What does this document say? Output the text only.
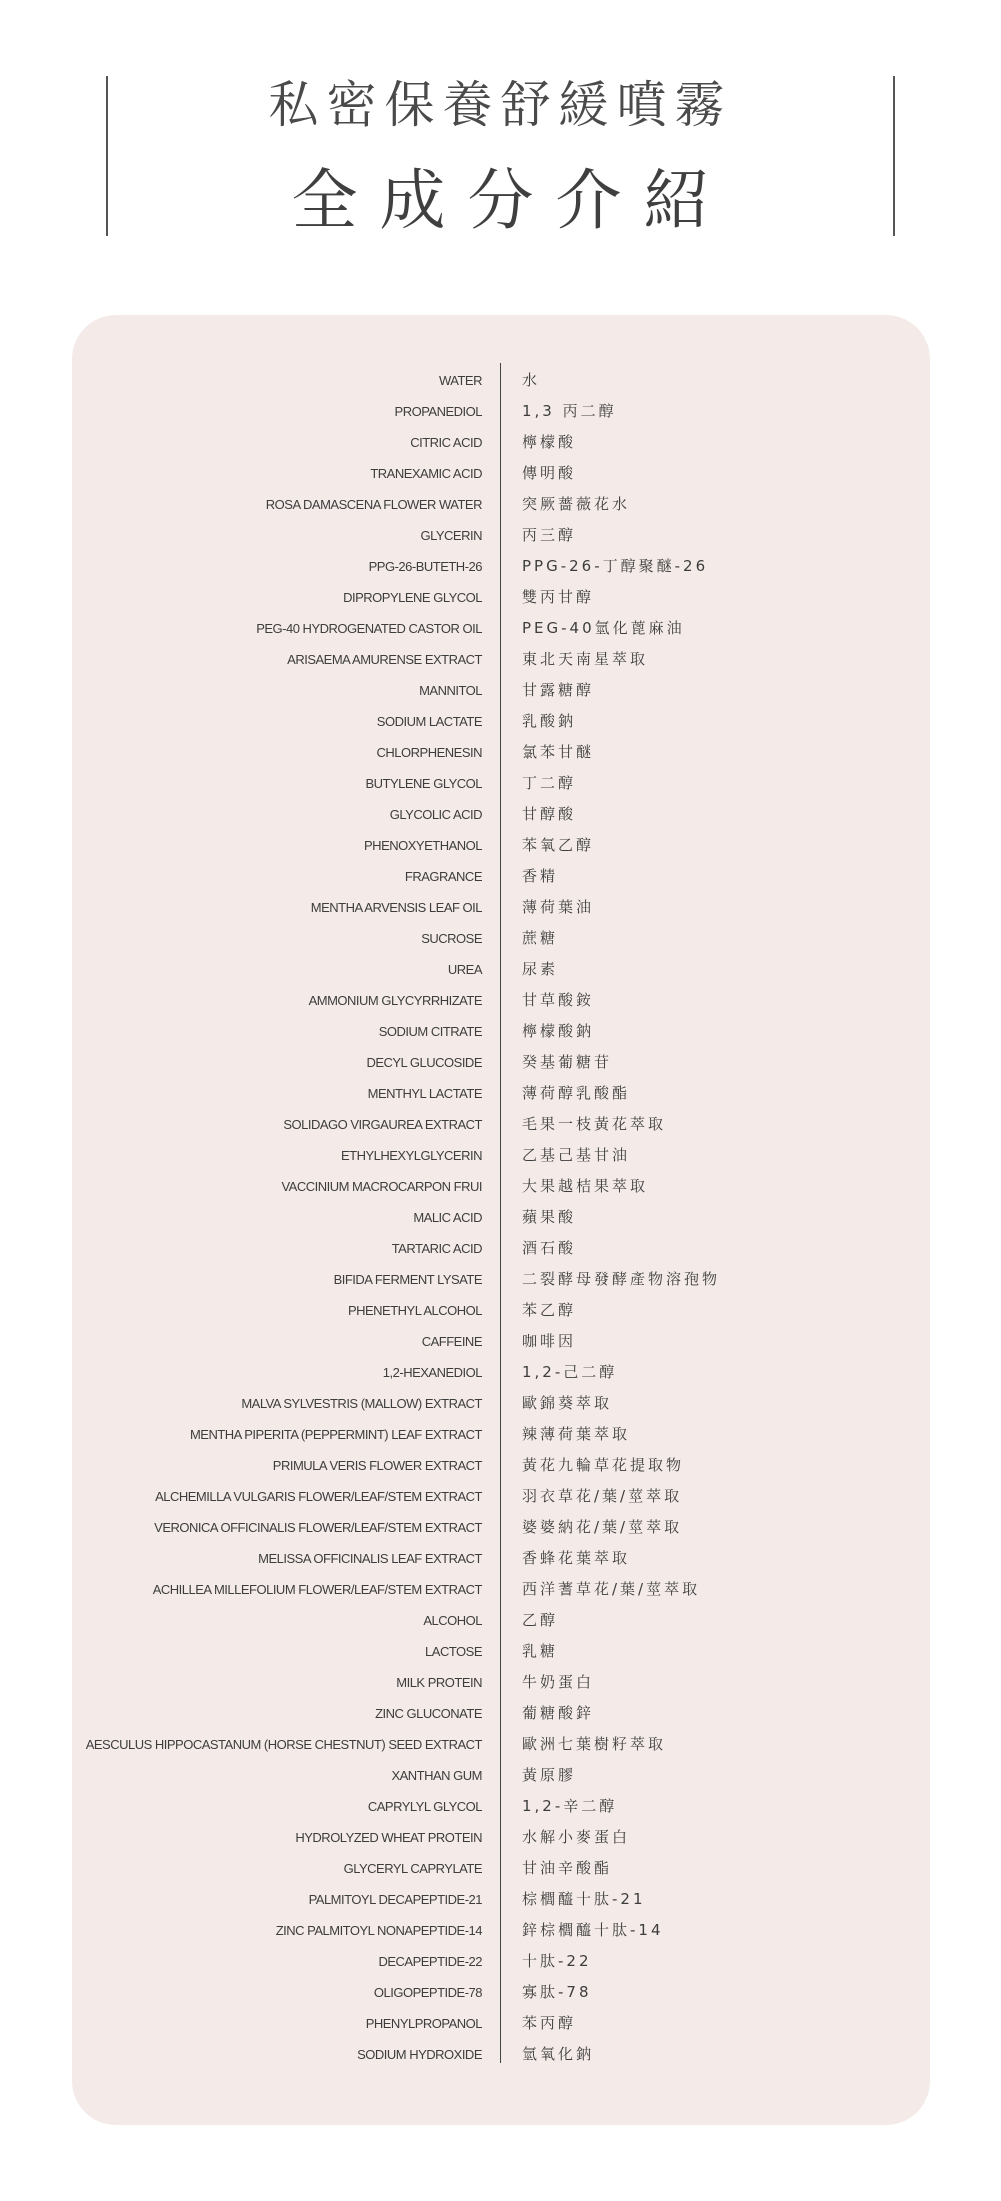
私密保養舒緩噴霧
全成分介紹
WATER	水
PROPANEDIOL	1,3 丙二醇
CITRIC ACID	檸檬酸
TRANEXAMIC ACID	傳明酸
ROSA DAMASCENA FLOWER WATER	突厥薔薇花水
GLYCERIN	丙三醇
PPG-26-BUTETH-26	PPG-26-丁醇聚醚-26
DIPROPYLENE GLYCOL	雙丙甘醇
PEG-40 HYDROGENATED CASTOR OIL	PEG-40氫化蓖麻油
ARISAEMA AMURENSE EXTRACT	東北天南星萃取
MANNITOL	甘露糖醇
SODIUM LACTATE	乳酸鈉
CHLORPHENESIN	氯苯甘醚
BUTYLENE GLYCOL	丁二醇
GLYCOLIC ACID	甘醇酸
PHENOXYETHANOL	苯氧乙醇
FRAGRANCE	香精
MENTHA ARVENSIS LEAF OIL	薄荷葉油
SUCROSE	蔗糖
UREA	尿素
AMMONIUM GLYCYRRHIZATE	甘草酸銨
SODIUM CITRATE	檸檬酸鈉
DECYL GLUCOSIDE	癸基葡糖苷
MENTHYL LACTATE	薄荷醇乳酸酯
SOLIDAGO VIRGAUREA EXTRACT	毛果一枝黃花萃取
ETHYLHEXYLGLYCERIN	乙基己基甘油
VACCINIUM MACROCARPON FRUI	大果越桔果萃取
MALIC ACID	蘋果酸
TARTARIC ACID	酒石酸
BIFIDA FERMENT LYSATE	二裂酵母發酵產物溶孢物
PHENETHYL ALCOHOL	苯乙醇
CAFFEINE	咖啡因
1,2-HEXANEDIOL	1,2-己二醇
MALVA SYLVESTRIS (MALLOW) EXTRACT	歐錦葵萃取
MENTHA PIPERITA (PEPPERMINT) LEAF EXTRACT	辣薄荷葉萃取
PRIMULA VERIS FLOWER EXTRACT	黃花九輪草花提取物
ALCHEMILLA VULGARIS FLOWER/LEAF/STEM EXTRACT	羽衣草花/葉/莖萃取
VERONICA OFFICINALIS FLOWER/LEAF/STEM EXTRACT	婆婆納花/葉/莖萃取
MELISSA OFFICINALIS LEAF EXTRACT	香蜂花葉萃取
ACHILLEA MILLEFOLIUM FLOWER/LEAF/STEM EXTRACT	西洋蓍草花/葉/莖萃取
ALCOHOL	乙醇
LACTOSE	乳糖
MILK PROTEIN	牛奶蛋白
ZINC GLUCONATE	葡糖酸鋅
AESCULUS HIPPOCASTANUM (HORSE CHESTNUT) SEED EXTRACT	歐洲七葉樹籽萃取
XANTHAN GUM	黃原膠
CAPRYLYL GLYCOL	1,2-辛二醇
HYDROLYZED WHEAT PROTEIN	水解小麥蛋白
GLYCERYL CAPRYLATE	甘油辛酸酯
PALMITOYL DECAPEPTIDE-21	棕櫚醯十肽-21
ZINC PALMITOYL NONAPEPTIDE-14	鋅棕櫚醯十肽-14
DECAPEPTIDE-22	十肽-22
OLIGOPEPTIDE-78	寡肽-78
PHENYLPROPANOL	苯丙醇
SODIUM HYDROXIDE	氫氧化鈉
